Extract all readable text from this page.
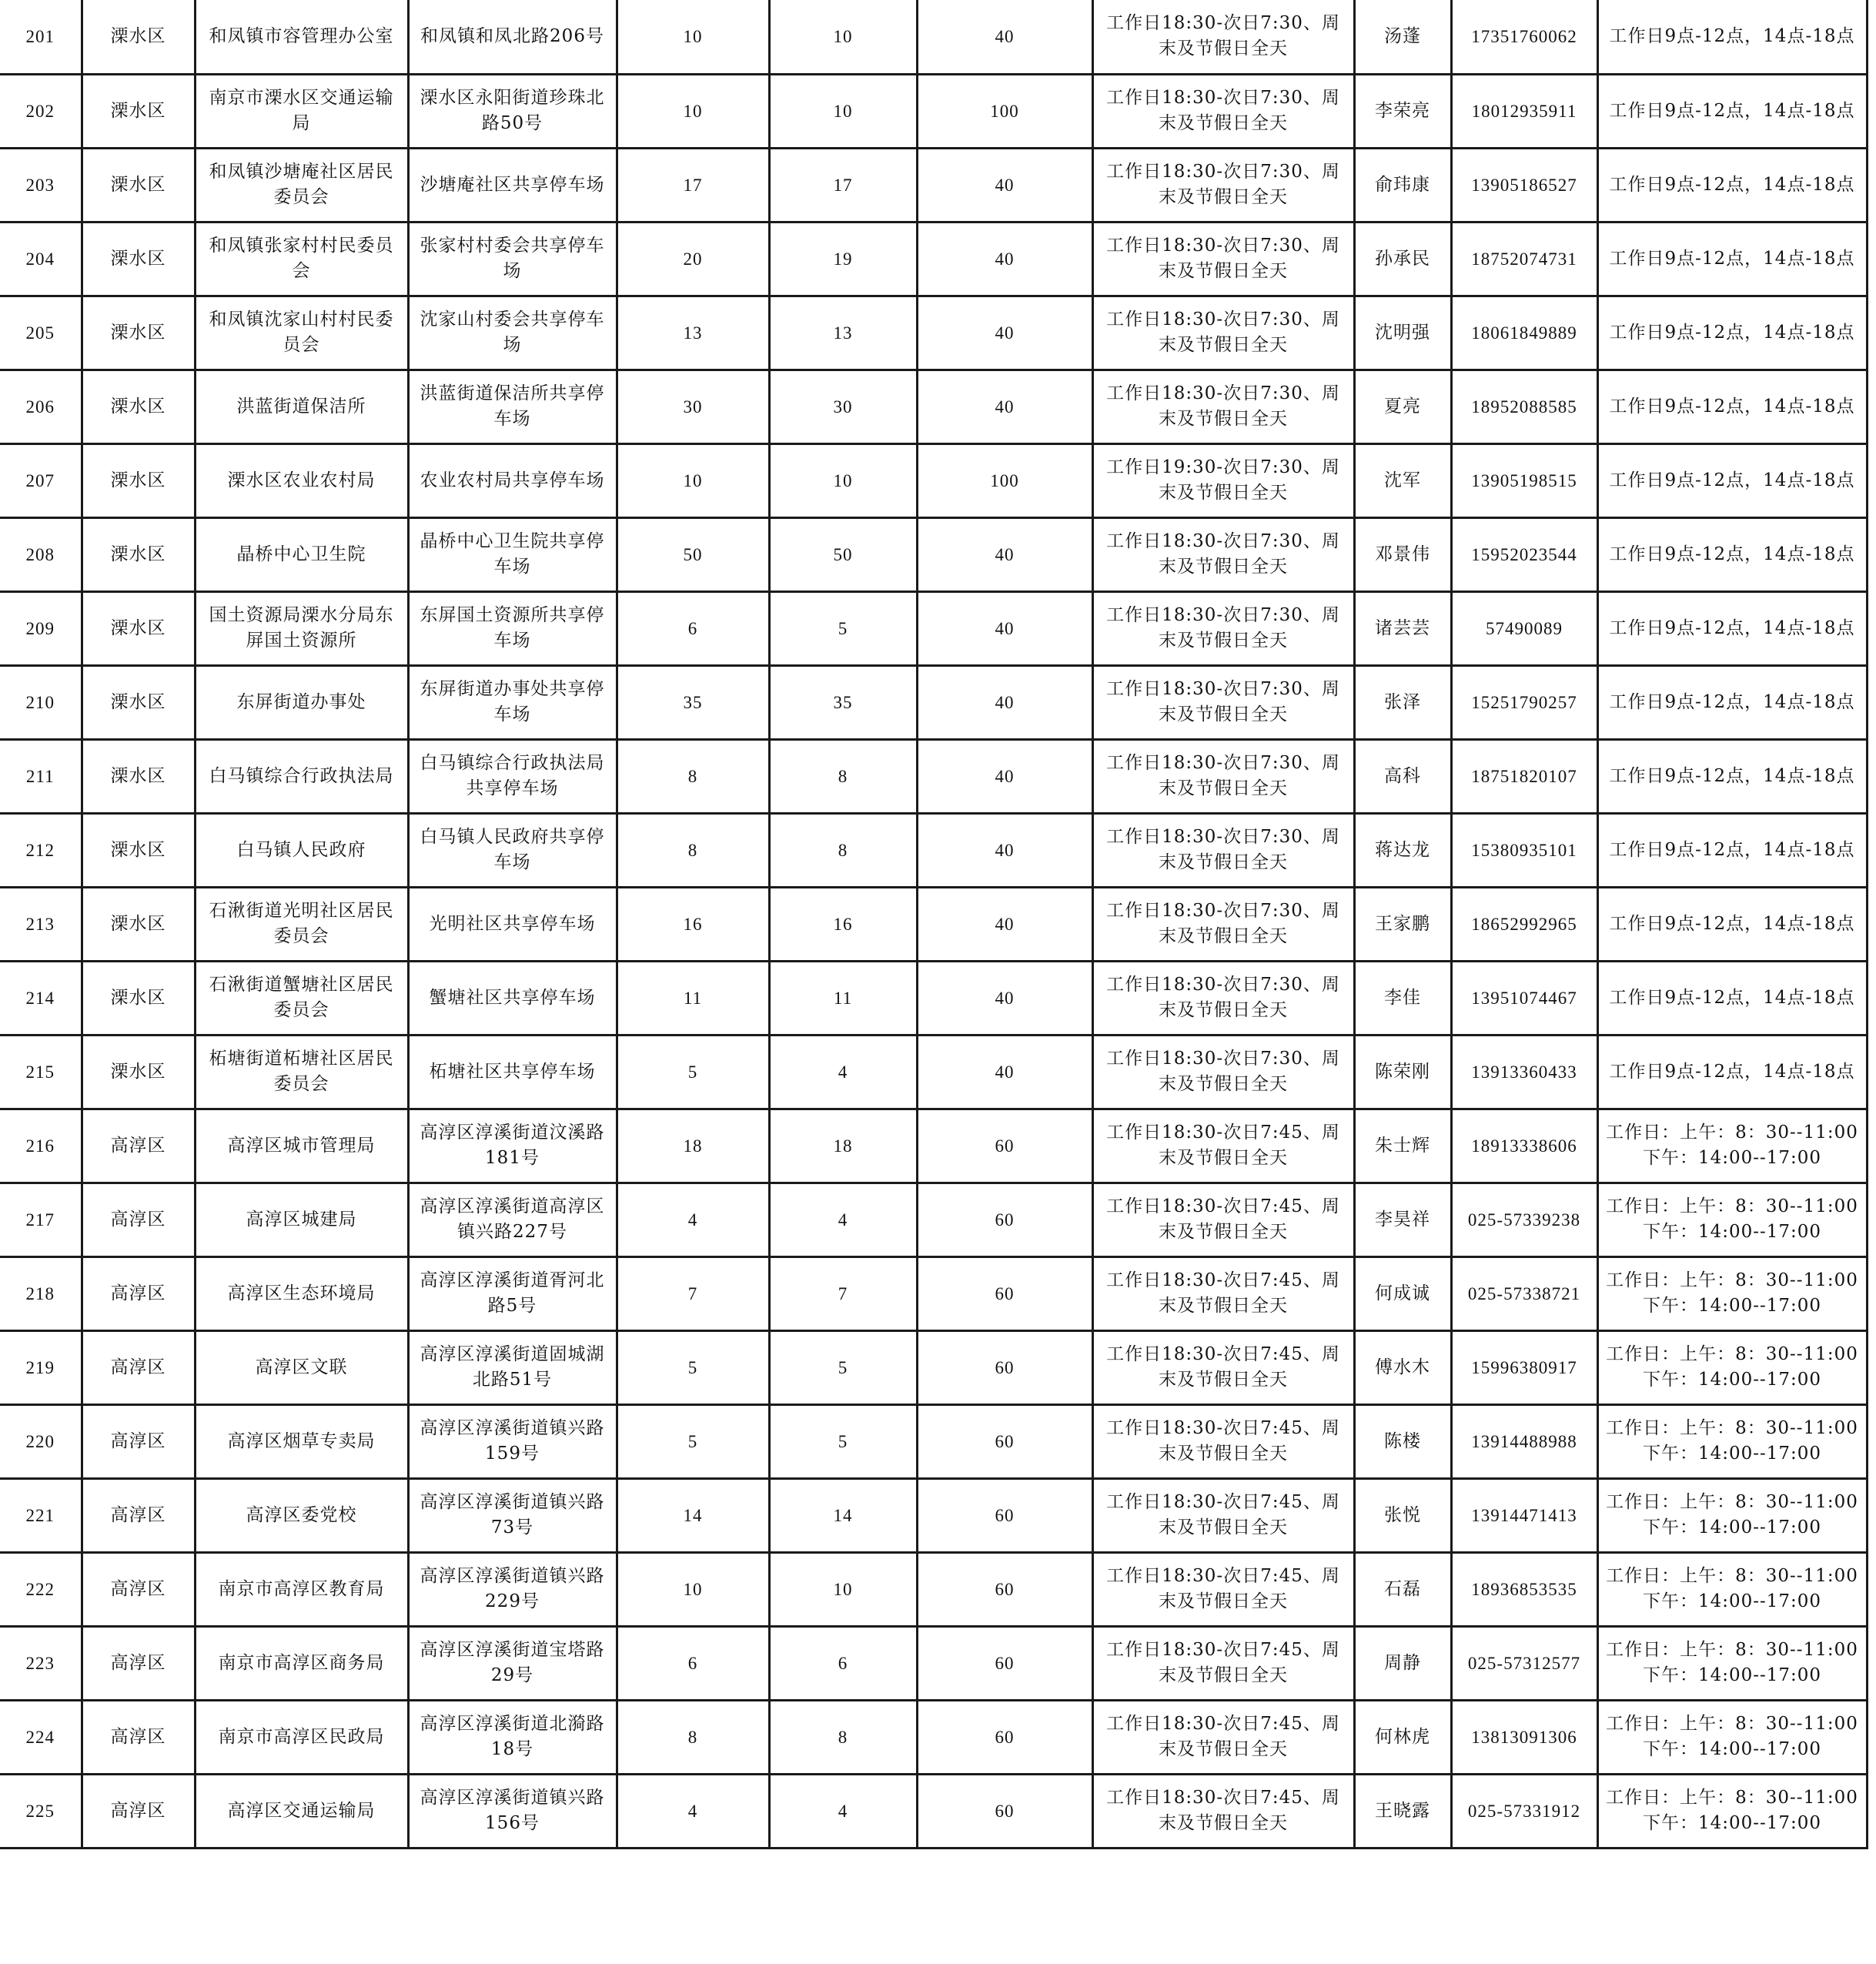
201	溧水区	和凤镇市容管理办公室	和凤镇和凤北路206号	10	10	40	工作日18:30-次日7:30、周末及节假日全天	汤蓬	17351760062	工作日9点-12点，14点-18点
202	溧水区	南京市溧水区交通运输局	溧水区永阳街道珍珠北路50号	10	10	100	工作日18:30-次日7:30、周末及节假日全天	李荣亮	18012935911	工作日9点-12点，14点-18点
203	溧水区	和凤镇沙塘庵社区居民委员会	沙塘庵社区共享停车场	17	17	40	工作日18:30-次日7:30、周末及节假日全天	俞玮康	13905186527	工作日9点-12点，14点-18点
204	溧水区	和凤镇张家村村民委员会	张家村村委会共享停车场	20	19	40	工作日18:30-次日7:30、周末及节假日全天	孙承民	18752074731	工作日9点-12点，14点-18点
205	溧水区	和凤镇沈家山村村民委员会	沈家山村委会共享停车场	13	13	40	工作日18:30-次日7:30、周末及节假日全天	沈明强	18061849889	工作日9点-12点，14点-18点
206	溧水区	洪蓝街道保洁所	洪蓝街道保洁所共享停车场	30	30	40	工作日18:30-次日7:30、周末及节假日全天	夏亮	18952088585	工作日9点-12点，14点-18点
207	溧水区	溧水区农业农村局	农业农村局共享停车场	10	10	100	工作日19:30-次日7:30、周末及节假日全天	沈军	13905198515	工作日9点-12点，14点-18点
208	溧水区	晶桥中心卫生院	晶桥中心卫生院共享停车场	50	50	40	工作日18:30-次日7:30、周末及节假日全天	邓景伟	15952023544	工作日9点-12点，14点-18点
209	溧水区	国土资源局溧水分局东屏国土资源所	东屏国土资源所共享停车场	6	5	40	工作日18:30-次日7:30、周末及节假日全天	诸芸芸	57490089	工作日9点-12点，14点-18点
210	溧水区	东屏街道办事处	东屏街道办事处共享停车场	35	35	40	工作日18:30-次日7:30、周末及节假日全天	张泽	15251790257	工作日9点-12点，14点-18点
211	溧水区	白马镇综合行政执法局	白马镇综合行政执法局共享停车场	8	8	40	工作日18:30-次日7:30、周末及节假日全天	高科	18751820107	工作日9点-12点，14点-18点
212	溧水区	白马镇人民政府	白马镇人民政府共享停车场	8	8	40	工作日18:30-次日7:30、周末及节假日全天	蒋达龙	15380935101	工作日9点-12点，14点-18点
213	溧水区	石湫街道光明社区居民委员会	光明社区共享停车场	16	16	40	工作日18:30-次日7:30、周末及节假日全天	王家鹏	18652992965	工作日9点-12点，14点-18点
214	溧水区	石湫街道蟹塘社区居民委员会	蟹塘社区共享停车场	11	11	40	工作日18:30-次日7:30、周末及节假日全天	李佳	13951074467	工作日9点-12点，14点-18点
215	溧水区	柘塘街道柘塘社区居民委员会	柘塘社区共享停车场	5	4	40	工作日18:30-次日7:30、周末及节假日全天	陈荣刚	13913360433	工作日9点-12点，14点-18点
216	高淳区	高淳区城市管理局	高淳区淳溪街道汶溪路181号	18	18	60	工作日18:30-次日7:45、周末及节假日全天	朱士辉	18913338606	工作日：上午：8：30--11:00 下午：14:00--17:00
217	高淳区	高淳区城建局	高淳区淳溪街道高淳区镇兴路227号	4	4	60	工作日18:30-次日7:45、周末及节假日全天	李昊祥	025-57339238	工作日：上午：8：30--11:00 下午：14:00--17:00
218	高淳区	高淳区生态环境局	高淳区淳溪街道胥河北路5号	7	7	60	工作日18:30-次日7:45、周末及节假日全天	何成诚	025-57338721	工作日：上午：8：30--11:00 下午：14:00--17:00
219	高淳区	高淳区文联	高淳区淳溪街道固城湖北路51号	5	5	60	工作日18:30-次日7:45、周末及节假日全天	傅水木	15996380917	工作日：上午：8：30--11:00 下午：14:00--17:00
220	高淳区	高淳区烟草专卖局	高淳区淳溪街道镇兴路159号	5	5	60	工作日18:30-次日7:45、周末及节假日全天	陈楼	13914488988	工作日：上午：8：30--11:00 下午：14:00--17:00
221	高淳区	高淳区委党校	高淳区淳溪街道镇兴路73号	14	14	60	工作日18:30-次日7:45、周末及节假日全天	张悦	13914471413	工作日：上午：8：30--11:00 下午：14:00--17:00
222	高淳区	南京市高淳区教育局	高淳区淳溪街道镇兴路229号	10	10	60	工作日18:30-次日7:45、周末及节假日全天	石磊	18936853535	工作日：上午：8：30--11:00 下午：14:00--17:00
223	高淳区	南京市高淳区商务局	高淳区淳溪街道宝塔路29号	6	6	60	工作日18:30-次日7:45、周末及节假日全天	周静	025-57312577	工作日：上午：8：30--11:00 下午：14:00--17:00
224	高淳区	南京市高淳区民政局	高淳区淳溪街道北漪路18号	8	8	60	工作日18:30-次日7:45、周末及节假日全天	何林虎	13813091306	工作日：上午：8：30--11:00 下午：14:00--17:00
225	高淳区	高淳区交通运输局	高淳区淳溪街道镇兴路156号	4	4	60	工作日18:30-次日7:45、周末及节假日全天	王晓露	025-57331912	工作日：上午：8：30--11:00 下午：14:00--17:00
